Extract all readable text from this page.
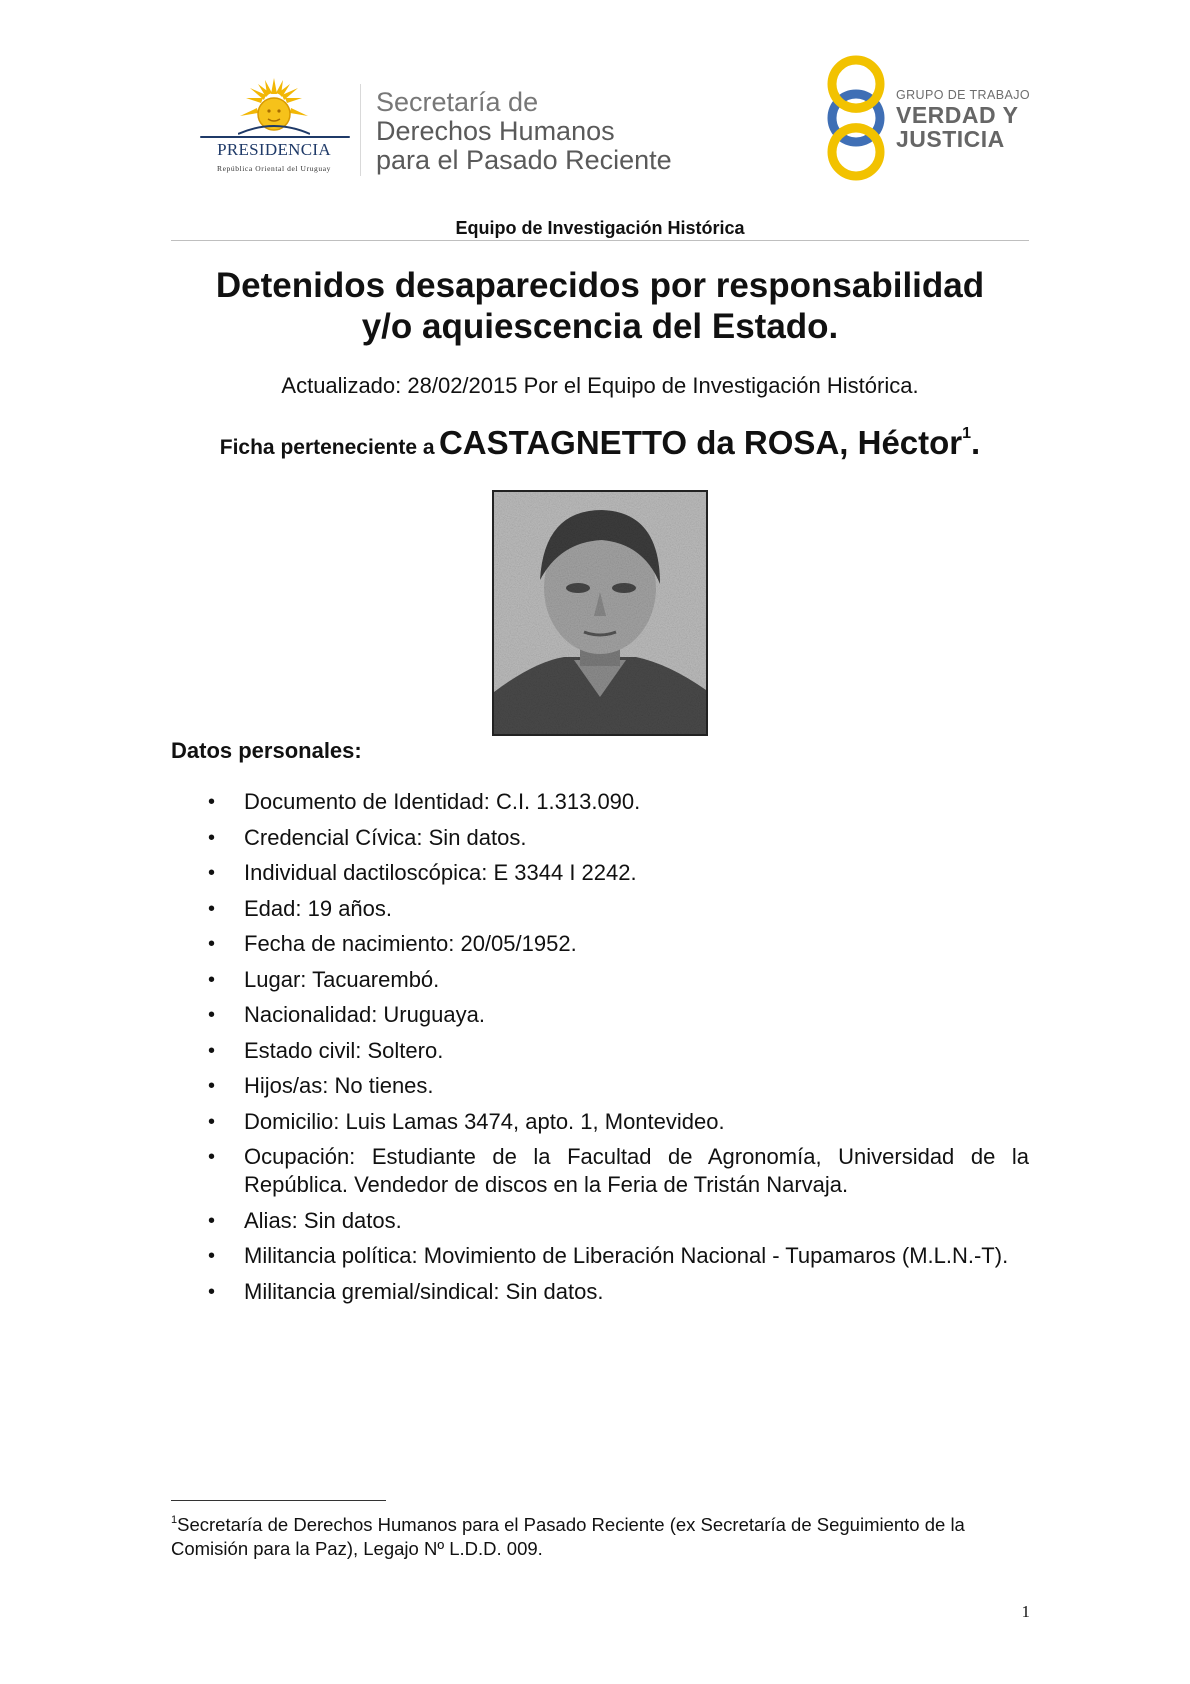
PRESIDENCIA
República Oriental del Uruguay
Secretaría de
Derechos Humanos
para el Pasado Reciente
GRUPO DE TRABAJO
VERDAD Y
JUSTICIA
Equipo de Investigación Histórica
Detenidos desaparecidos por responsabilidad
y/o aquiescencia del Estado.
Actualizado: 28/02/2015 Por el Equipo de Investigación Histórica.
Ficha perteneciente a CASTAGNETTO da ROSA, Héctor$^1$.
Datos personales:
• Documento de Identidad: C.I. 1.313.090.
• Credencial Cívica: Sin datos.
• Individual dactiloscópica: E 3344 I 2242.
• Edad: 19 años.
• Fecha de nacimiento: 20/05/1952.
• Lugar: Tacuarembó.
• Nacionalidad: Uruguaya.
• Estado civil: Soltero.
• Hijos/as: No tienes.
• Domicilio: Luis Lamas 3474, apto. 1, Montevideo.
• Ocupación: Estudiante de la Facultad de Agronomía, Universidad de la República. Vendedor de discos en la Feria de Tristán Narvaja.
• Alias: Sin datos.
• Militancia política: Movimiento de Liberación Nacional - Tupamaros (M.L.N.-T).
• Militancia gremial/sindical: Sin datos.
$^1$Secretaría de Derechos Humanos para el Pasado Reciente (ex Secretaría de Seguimiento de la Comisión para la Paz), Legajo Nº L.D.D. 009.
1
